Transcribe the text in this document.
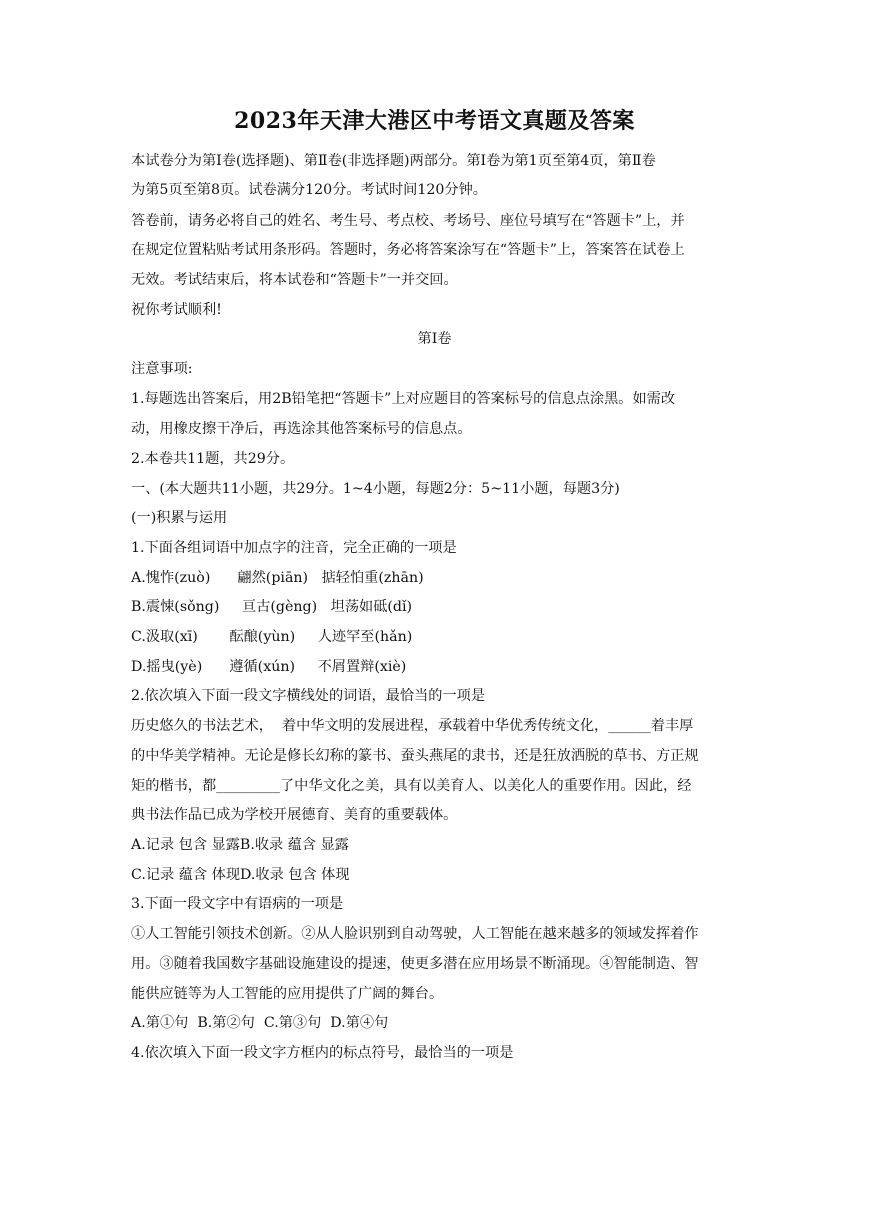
2023年天津大港区中考语文真题及答案
本试卷分为第Ⅰ卷(选择题)、第Ⅱ卷(非选择题)两部分。第Ⅰ卷为第1页至第4页，第Ⅱ卷
为第5页至第8页。试卷满分120分。考试时间120分钟。
答卷前，请务必将自己的姓名、考生号、考点校、考场号、座位号填写在“答题卡”上，并
在规定位置粘贴考试用条形码。答题时，务必将答案涂写在“答题卡”上，答案答在试卷上
无效。考试结束后，将本试卷和“答题卡”一并交回。
祝你考试顺利!
第Ⅰ卷
注意事项:
1.每题选出答案后，用2B铅笔把“答题卡”上对应题目的答案标号的信息点涂黑。如需改
动，用橡皮擦干净后，再选涂其他答案标号的信息点。
2.本卷共11题，共29分。
一、(本大题共11小题，共29分。1~4小题，每题2分：5~11小题，每题3分)
(一)积累与运用
1.下面各组词语中加点字的注音，完全正确的一项是
A.愧怍(zuò)      翩然(piān)   掂轻怕重(zhān)
B.震悚(sǒng)     亘古(gèng)   坦荡如砥(dǐ)
C.汲取(xī)       酝酿(yùn)     人迹罕至(hǎn)
D.摇曳(yè)      遵循(xún)     不屑置辩(xiè)
2.依次填入下面一段文字横线处的词语，最恰当的一项是
历史悠久的书法艺术，  着中华文明的发展进程，承载着中华优秀传统文化，______着丰厚
的中华美学精神。无论是修长幻称的篆书、蚕头燕尾的隶书，还是狂放洒脱的草书、方正规
矩的楷书，都_________了中华文化之美，具有以美育人、以美化人的重要作用。因此，经
典书法作品已成为学校开展德育、美育的重要载体。
A.记录 包含 显露B.收录 蕴含 显露
C.记录 蕴含 体现D.收录 包含 体现
3.下面一段文字中有语病的一项是
①人工智能引领技术创新。②从人脸识别到自动驾驶，人工智能在越来越多的领域发挥着作
用。③随着我国数字基础设施建设的提速，使更多潜在应用场景不断涌现。④智能制造、智
能供应链等为人工智能的应用提供了广阔的舞台。
A.第①句  B.第②句  C.第③句  D.第④句
4.依次填入下面一段文字方框内的标点符号，最恰当的一项是
